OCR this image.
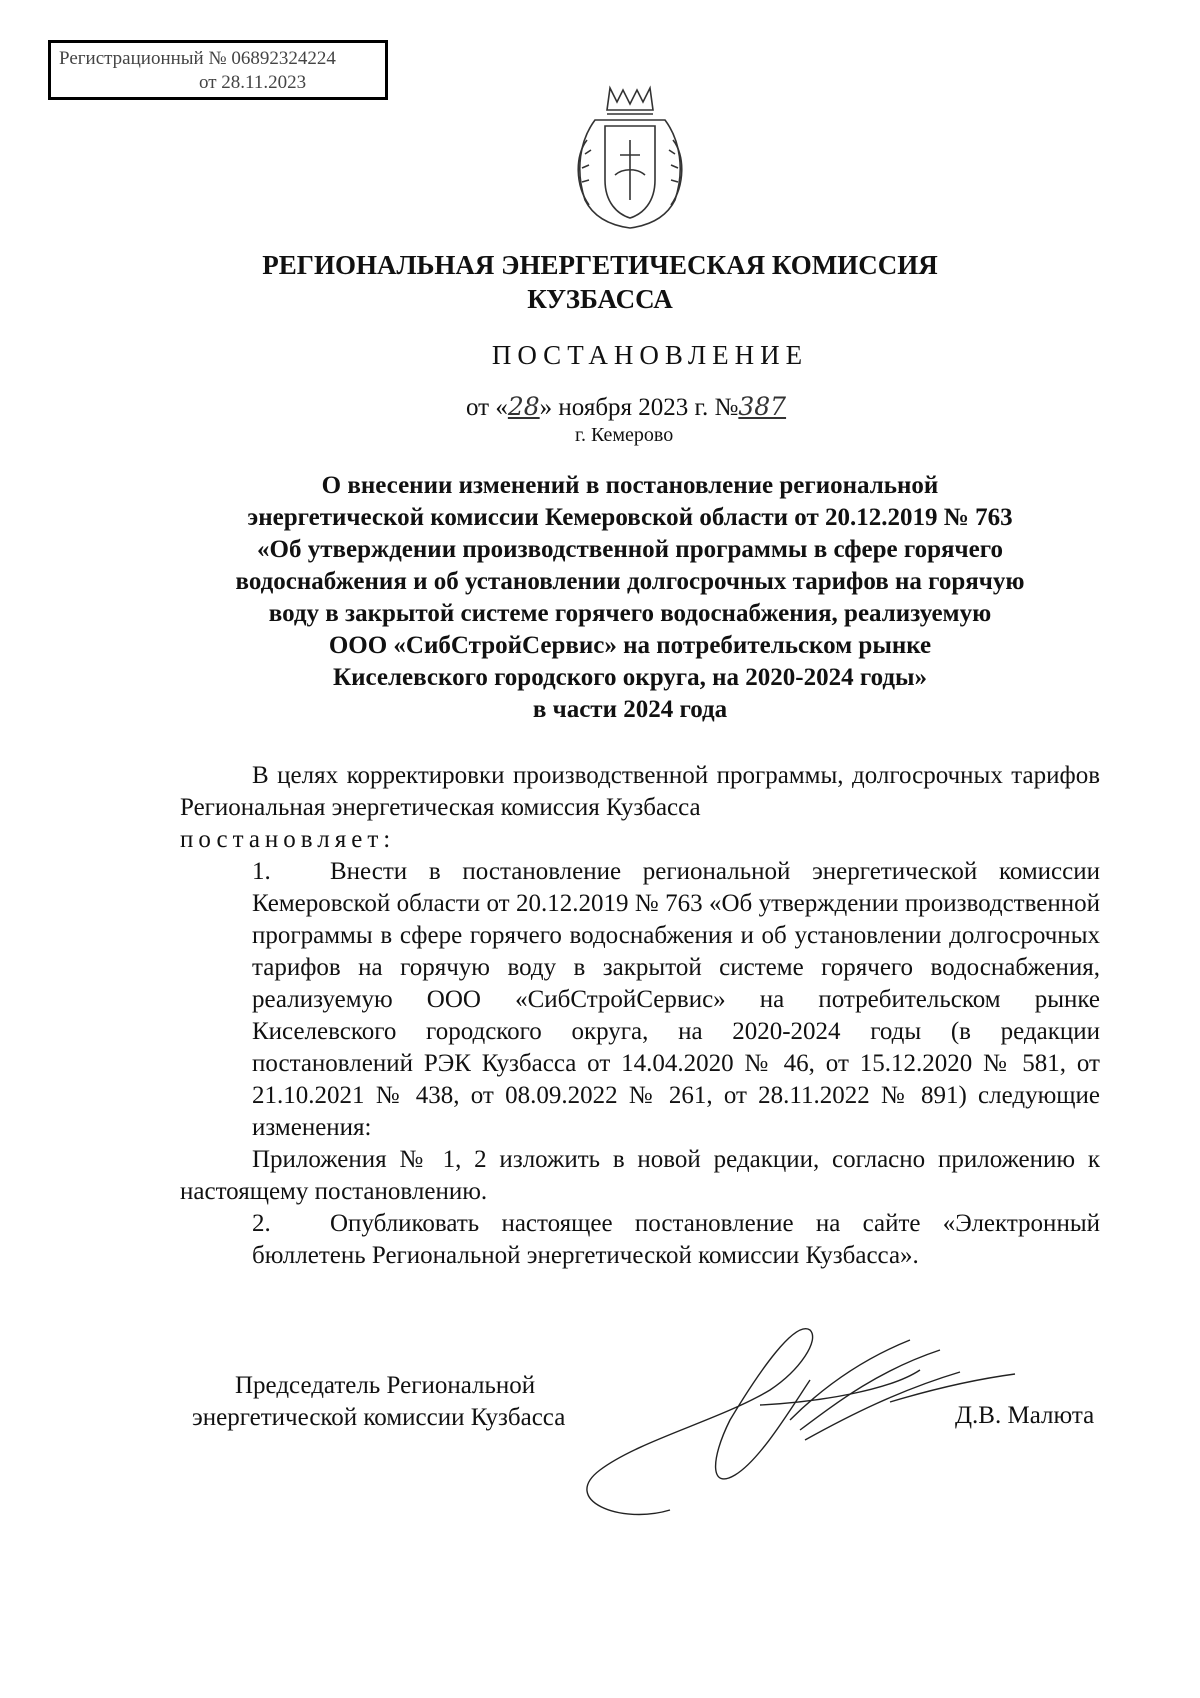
Регистрационный № 06892324224
от 28.11.2023
РЕГИОНАЛЬНАЯ ЭНЕРГЕТИЧЕСКАЯ КОМИССИЯ
КУЗБАССА
ПОСТАНОВЛЕНИЕ
от «28» ноября 2023 г. №387
г. Кемерово
О внесении изменений в постановление региональной
энергетической комиссии Кемеровской области от 20.12.2019 № 763
«Об утверждении производственной программы в сфере горячего
водоснабжения и об установлении долгосрочных тарифов на горячую
воду в закрытой системе горячего водоснабжения, реализуемую
ООО «СибСтройСервис» на потребительском рынке
Киселевского городского округа, на 2020-2024 годы»
в части 2024 года

В целях корректировки производственной программы, долгосрочных тарифов Региональная энергетическая комиссия Кузбасса

постановляет:

1. Внести в постановление региональной энергетической комиссии Кемеровской области от 20.12.2019 № 763 «Об утверждении производственной программы в сфере горячего водоснабжения и об установлении долгосрочных тарифов на горячую воду в закрытой системе горячего водоснабжения, реализуемую ООО «СибСтройСервис» на потребительском рынке Киселевского городского округа, на 2020-2024 годы (в редакции постановлений РЭК Кузбасса от 14.04.2020 № 46, от 15.12.2020 № 581, от 21.10.2021 № 438, от 08.09.2022 № 261, от 28.11.2022 № 891) следующие изменения:

Приложения № 1, 2 изложить в новой редакции, согласно приложению к настоящему постановлению.

2. Опубликовать настоящее постановление на сайте «Электронный бюллетень Региональной энергетической комиссии Кузбасса».

Председатель Региональной
энергетической комиссии Кузбасса	Д.В. Малюта
